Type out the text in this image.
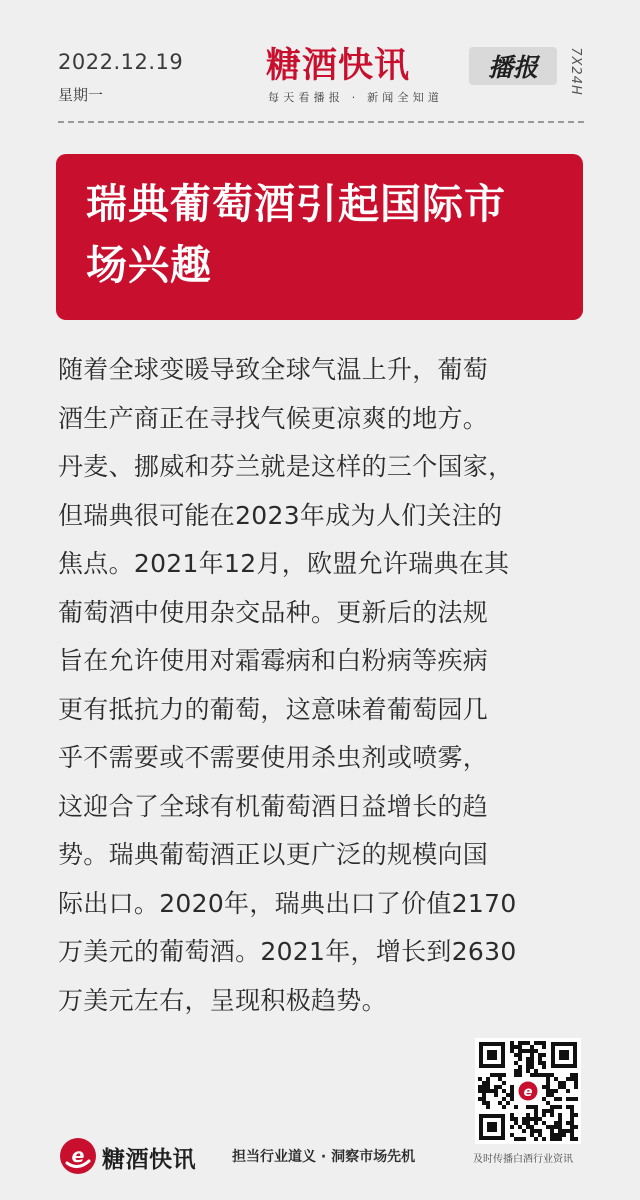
2022.12.19
星期一
糖酒快讯	播报
每天看播报 · 新闻全知道
7X24H
瑞典葡萄酒引起国际市
场兴趣
随着全球变暖导致全球气温上升，葡萄
酒生产商正在寻找气候更凉爽的地方。
丹麦、挪威和芬兰就是这样的三个国家，
但瑞典很可能在2023年成为人们关注的
焦点。2021年12月，欧盟允许瑞典在其
葡萄酒中使用杂交品种。更新后的法规
旨在允许使用对霜霉病和白粉病等疾病
更有抵抗力的葡萄，这意味着葡萄园几
乎不需要或不需要使用杀虫剂或喷雾，
这迎合了全球有机葡萄酒日益增长的趋
势。瑞典葡萄酒正以更广泛的规模向国
际出口。2020年，瑞典出口了价值2170
万美元的葡萄酒。2021年，增长到2630
万美元左右，呈现积极趋势。
e
e 糖酒快讯	担当行业道义 · 洞察市场先机	及时传播白酒行业资讯
